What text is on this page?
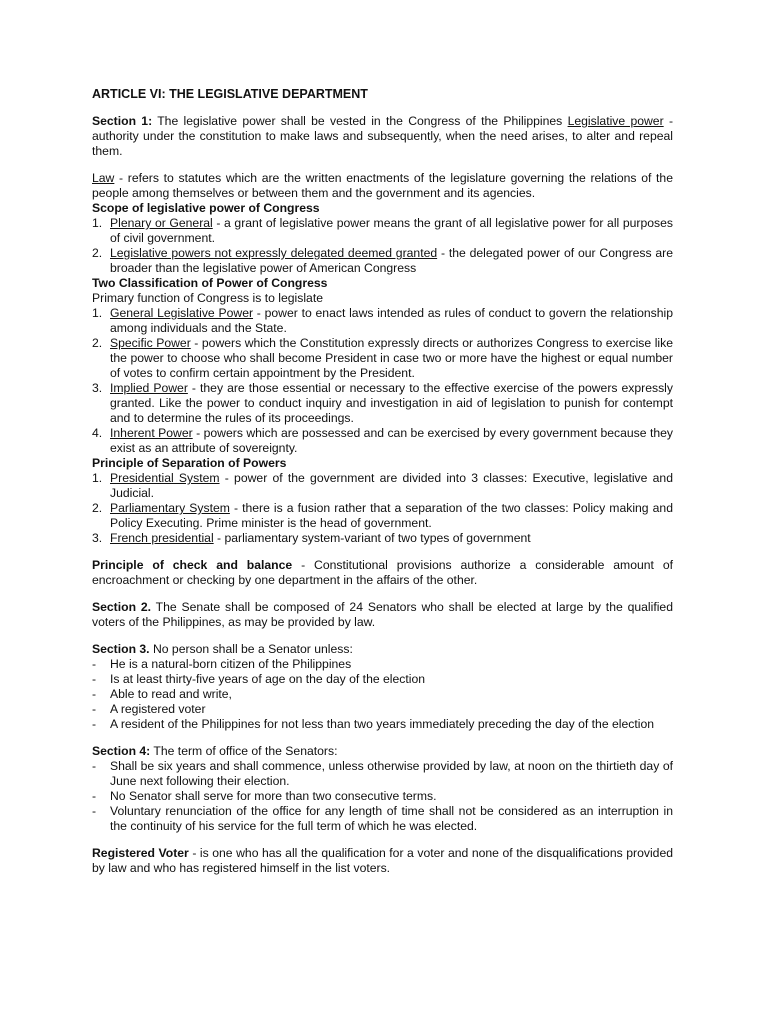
ARTICLE VI: THE LEGISLATIVE DEPARTMENT

Section 1: The legislative power shall be vested in the Congress of the Philippines Legislative power - authority under the constitution to make laws and subsequently, when the need arises, to alter and repeal them.

Law - refers to statutes which are the written enactments of the legislature governing the relations of the people among themselves or between them and the government and its agencies.

Scope of legislative power of Congress

1. Plenary or General - a grant of legislative power means the grant of all legislative power for all purposes of civil government.
2. Legislative powers not expressly delegated deemed granted - the delegated power of our Congress are broader than the legislative power of American Congress

Two Classification of Power of Congress

Primary function of Congress is to legislate

1. General Legislative Power - power to enact laws intended as rules of conduct to govern the relationship among individuals and the State.
2. Specific Power - powers which the Constitution expressly directs or authorizes Congress to exercise like the power to choose who shall become President in case two or more have the highest or equal number of votes to confirm certain appointment by the President.
3. Implied Power - they are those essential or necessary to the effective exercise of the powers expressly granted. Like the power to conduct inquiry and investigation in aid of legislation to punish for contempt and to determine the rules of its proceedings.
4. Inherent Power - powers which are possessed and can be exercised by every government because they exist as an attribute of sovereignty.

Principle of Separation of Powers

1. Presidential System - power of the government are divided into 3 classes: Executive, legislative and Judicial.
2. Parliamentary System - there is a fusion rather that a separation of the two classes: Policy making and Policy Executing. Prime minister is the head of government.
3. French presidential - parliamentary system-variant of two types of government

Principle of check and balance - Constitutional provisions authorize a considerable amount of encroachment or checking by one department in the affairs of the other.

Section 2. The Senate shall be composed of 24 Senators who shall be elected at large by the qualified voters of the Philippines, as may be provided by law.

Section 3. No person shall be a Senator unless:

- He is a natural-born citizen of the Philippines
- Is at least thirty-five years of age on the day of the election
- Able to read and write,
- A registered voter
- A resident of the Philippines for not less than two years immediately preceding the day of the election

Section 4: The term of office of the Senators:

- Shall be six years and shall commence, unless otherwise provided by law, at noon on the thirtieth day of June next following their election.
- No Senator shall serve for more than two consecutive terms.
- Voluntary renunciation of the office for any length of time shall not be considered as an interruption in the continuity of his service for the full term of which he was elected.

Registered Voter - is one who has all the qualification for a voter and none of the disqualifications provided by law and who has registered himself in the list voters.
